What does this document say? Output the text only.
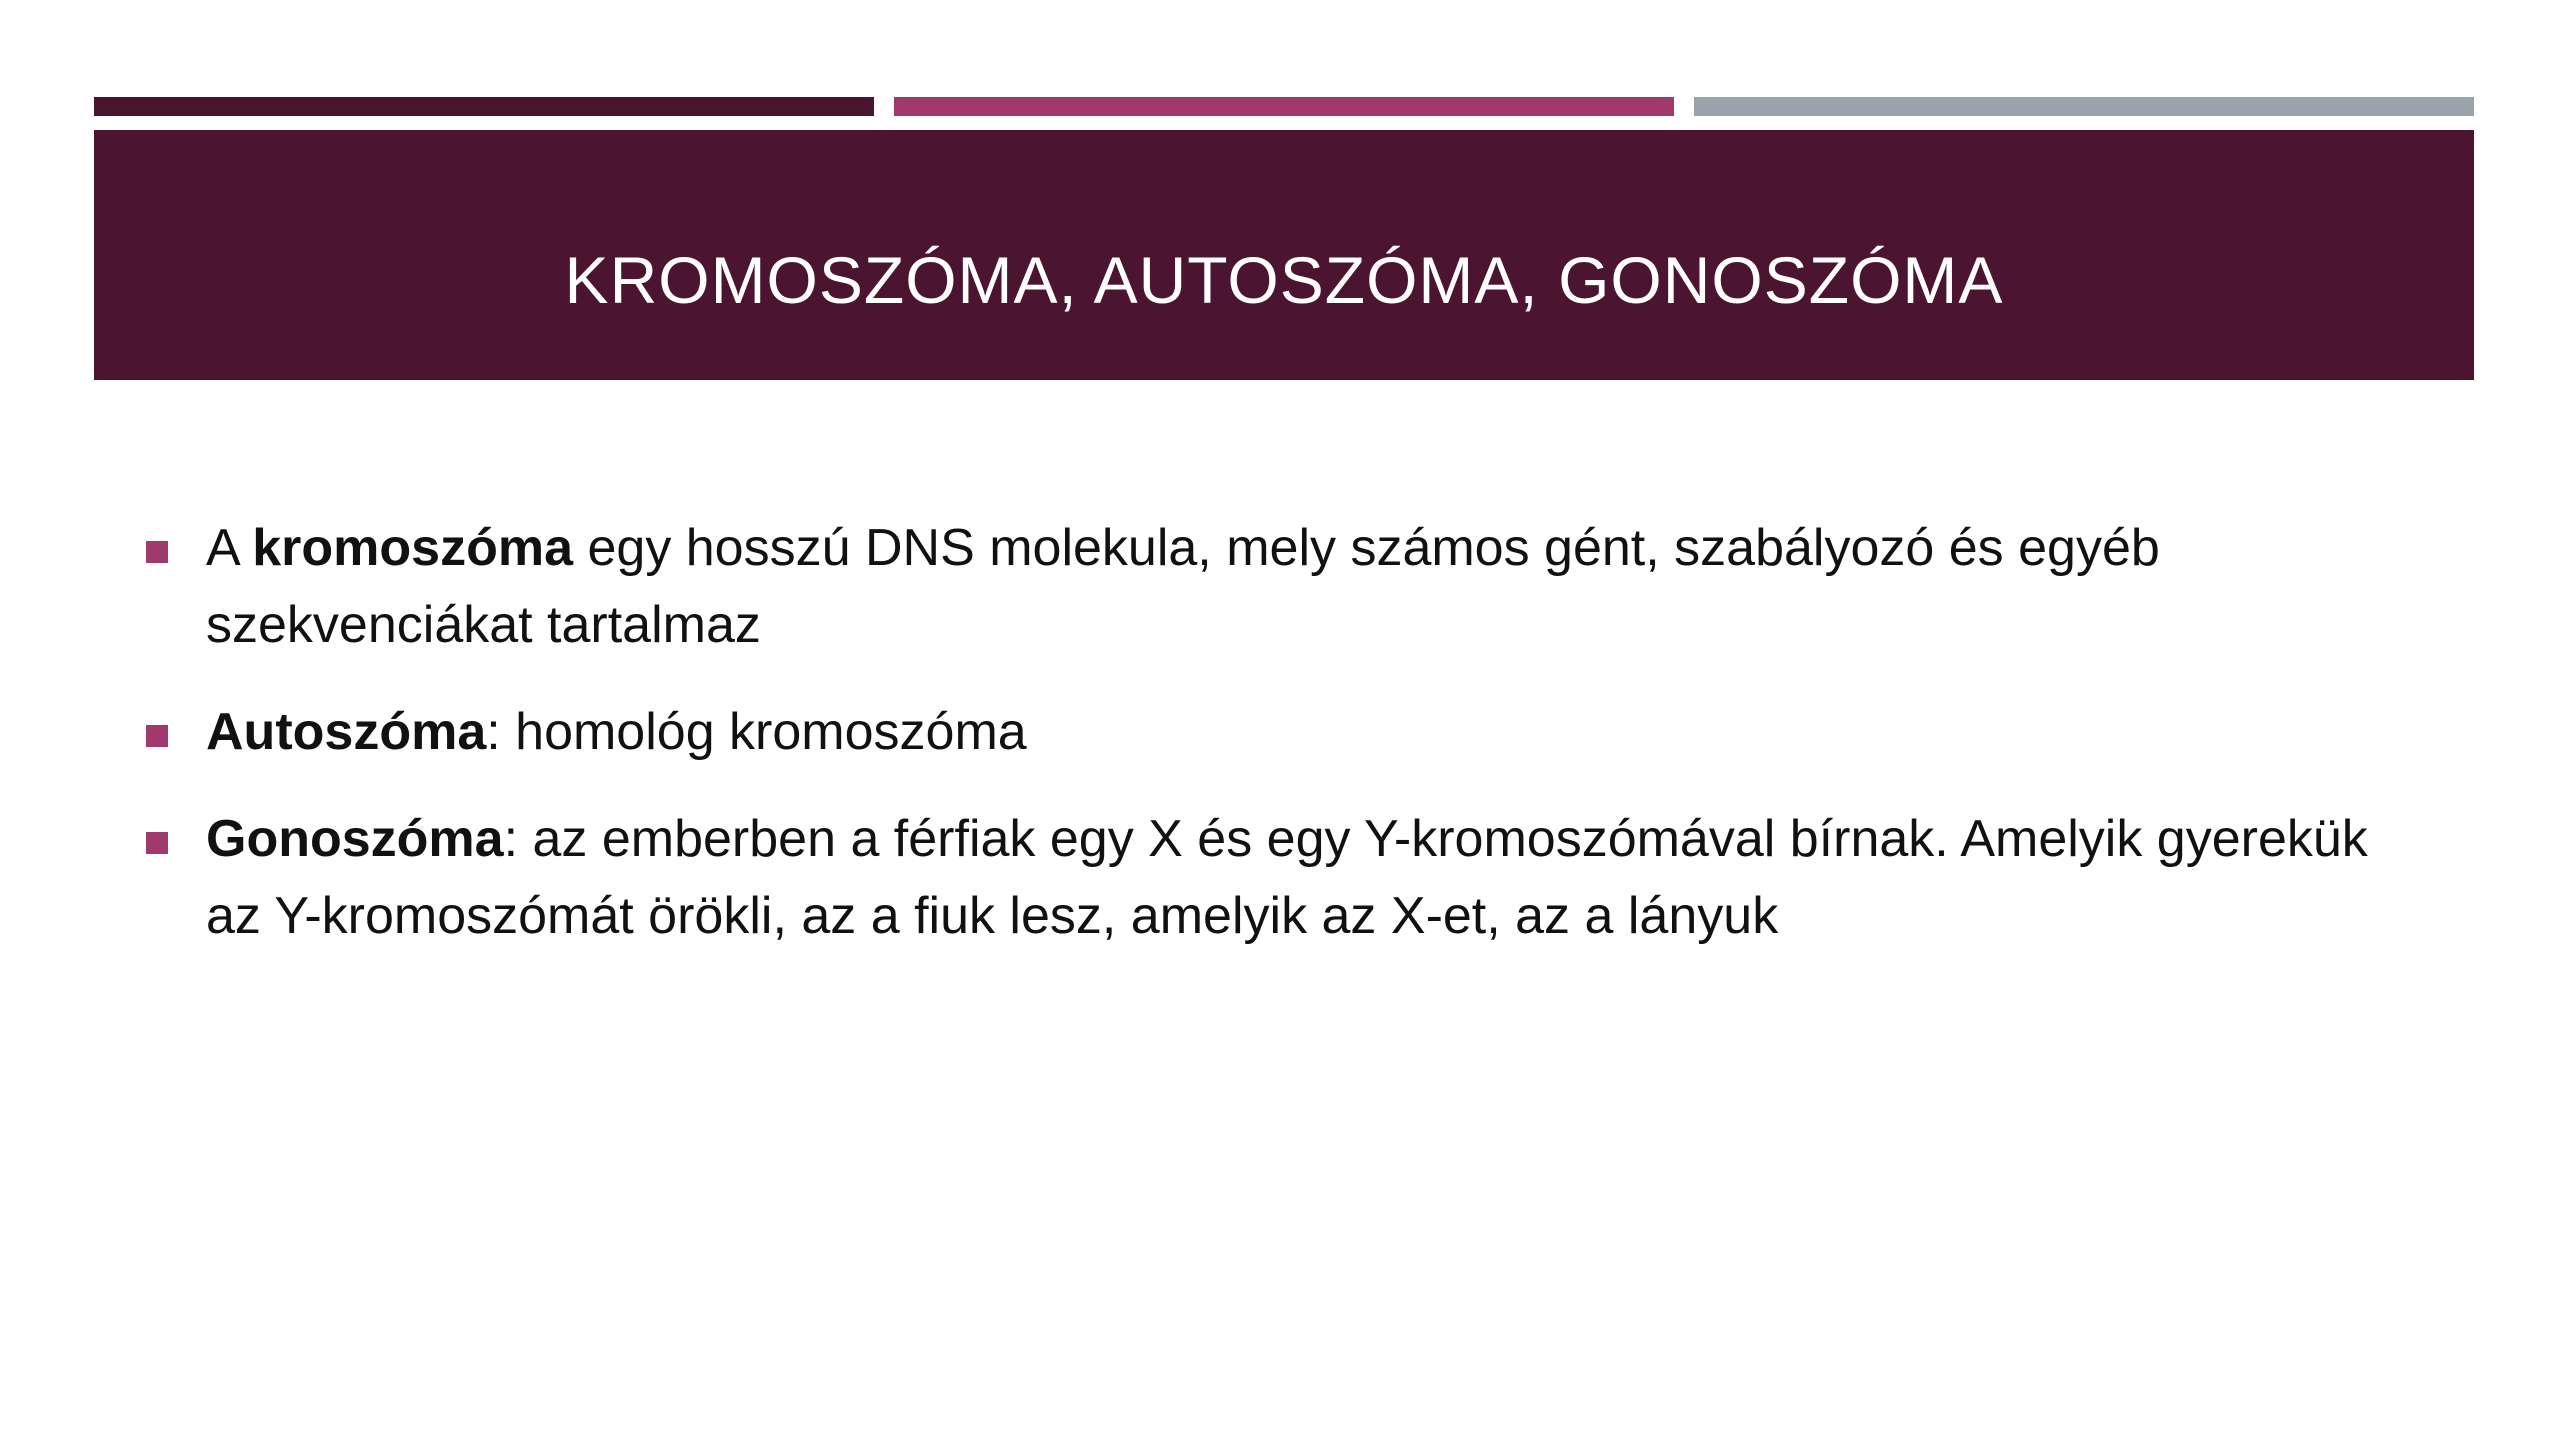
KROMOSZÓMA, AUTOSZÓMA, GONOSZÓMA
A kromoszóma egy hosszú DNS molekula, mely számos gént, szabályozó és egyéb szekvenciákat tartalmaz
Autoszóma: homológ kromoszóma
Gonoszóma: az emberben a férfiak egy X és egy Y-kromoszómával bírnak. Amelyik gyerekük az Y-kromoszómát örökli, az a fiuk lesz, amelyik az X-et, az a lányuk
